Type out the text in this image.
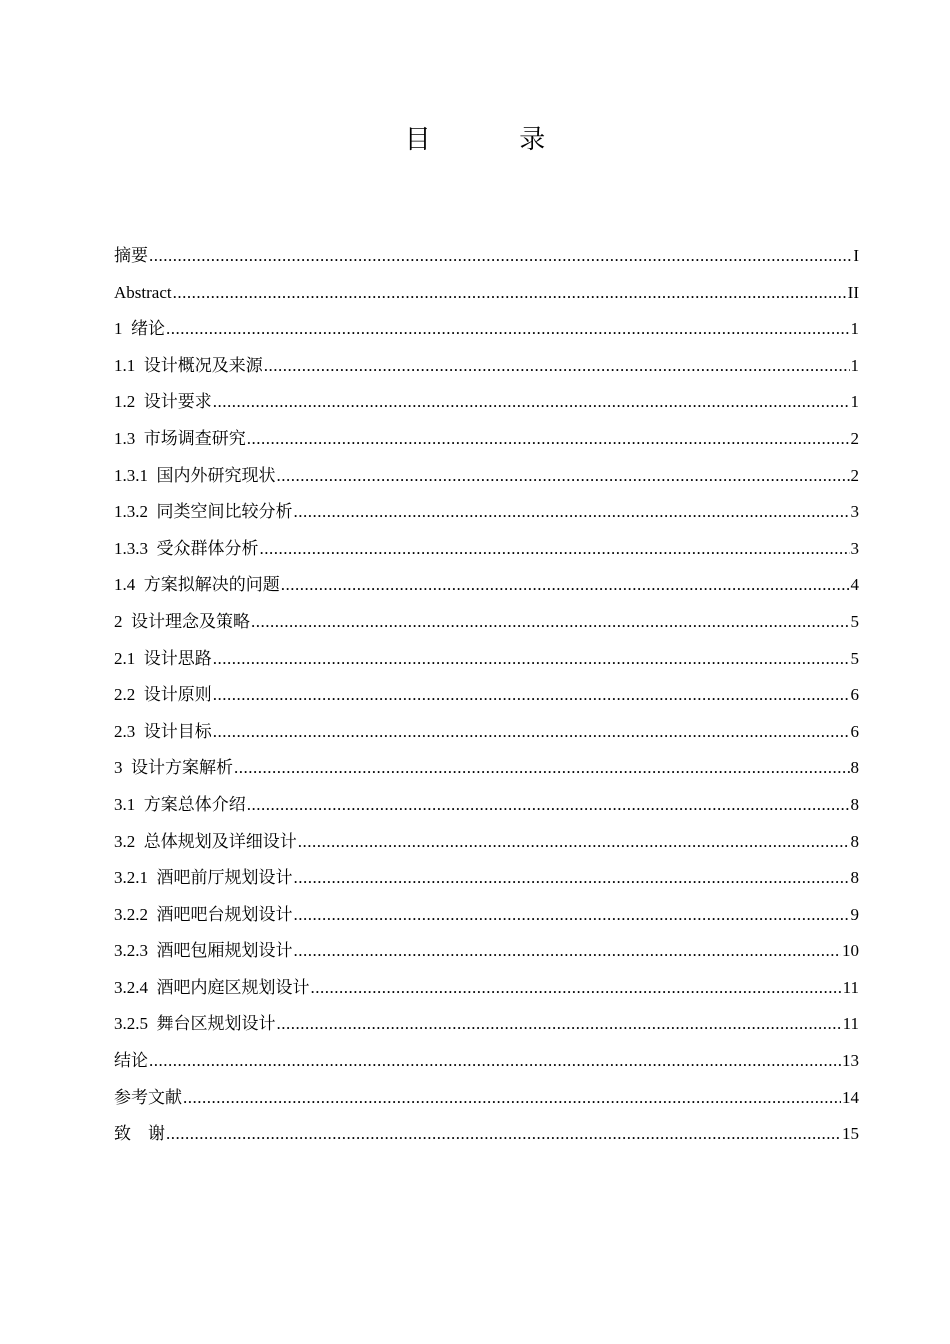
目  录
摘要 .....	I
Abstract .....	II
1  绪论 .....	1
1.1  设计概况及来源 .....	1
1.2  设计要求 .....	1
1.3  市场调查研究 .....	2
1.3.1  国内外研究现状 .....	2
1.3.2  同类空间比较分析 .....	3
1.3.3  受众群体分析 .....	3
1.4  方案拟解决的问题 .....	4
2  设计理念及策略 .....	5
2.1  设计思路 .....	5
2.2  设计原则 .....	6
2.3  设计目标 .....	6
3  设计方案解析 .....	8
3.1  方案总体介绍 .....	8
3.2  总体规划及详细设计 .....	8
3.2.1  酒吧前厅规划设计 .....	8
3.2.2  酒吧吧台规划设计 .....	9
3.2.3  酒吧包厢规划设计 .....	10
3.2.4  酒吧内庭区规划设计 .....	11
3.2.5  舞台区规划设计 .....	11
结论 .....	13
参考文献 .....	14
致    谢 .....	15
